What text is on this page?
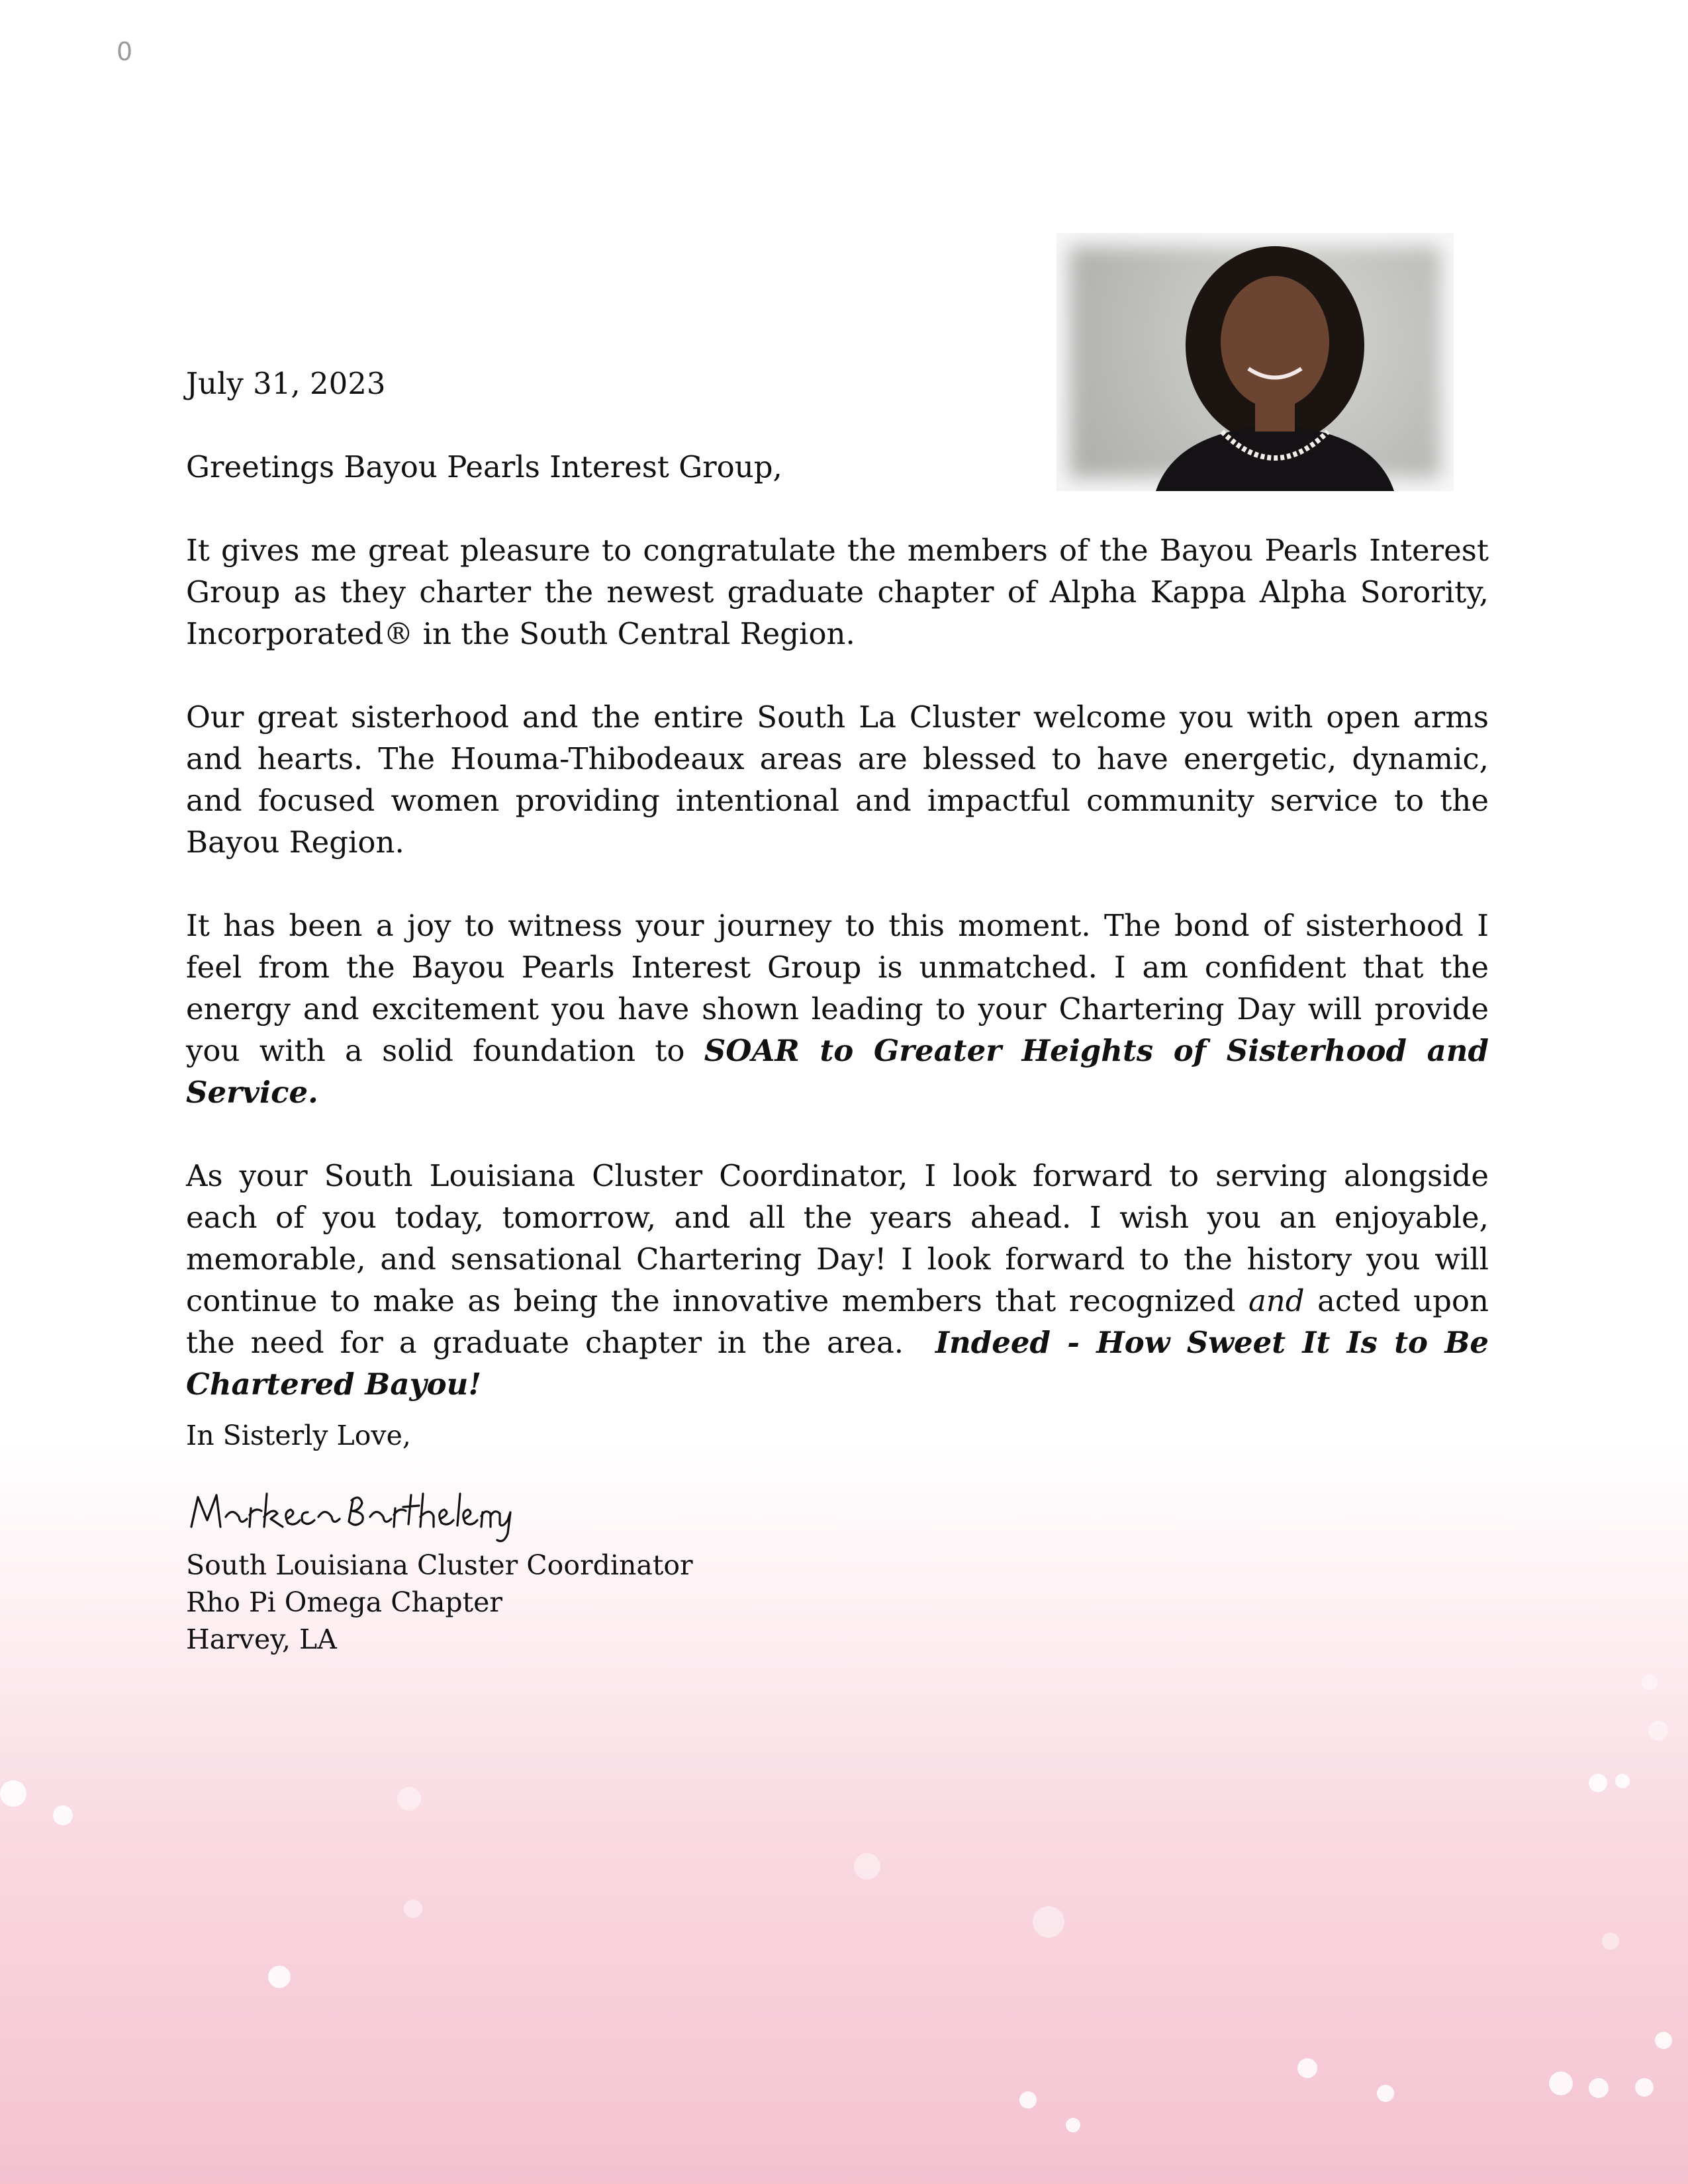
0

July 31, 2023

Greetings Bayou Pearls Interest Group,

It gives me great pleasure to congratulate the members of the Bayou Pearls Interest Group as they charter the newest graduate chapter of Alpha Kappa Alpha Sorority, Incorporated® in the South Central Region.

Our great sisterhood and the entire South La Cluster welcome you with open arms and hearts. The Houma-Thibodeaux areas are blessed to have energetic, dynamic, and focused women providing intentional and impactful community service to the Bayou Region.

It has been a joy to witness your journey to this moment. The bond of sisterhood I feel from the Bayou Pearls Interest Group is unmatched. I am confident that the energy and excitement you have shown leading to your Chartering Day will provide you with a solid foundation to SOAR to Greater Heights of Sisterhood and Service.

As your South Louisiana Cluster Coordinator, I look forward to serving alongside each of you today, tomorrow, and all the years ahead. I wish you an enjoyable, memorable, and sensational Chartering Day! I look forward to the history you will continue to make as being the innovative members that recognized and acted upon the need for a graduate chapter in the area. Indeed - How Sweet It Is to Be Chartered Bayou!

In Sisterly Love,

South Louisiana Cluster Coordinator
Rho Pi Omega Chapter
Harvey, LA
